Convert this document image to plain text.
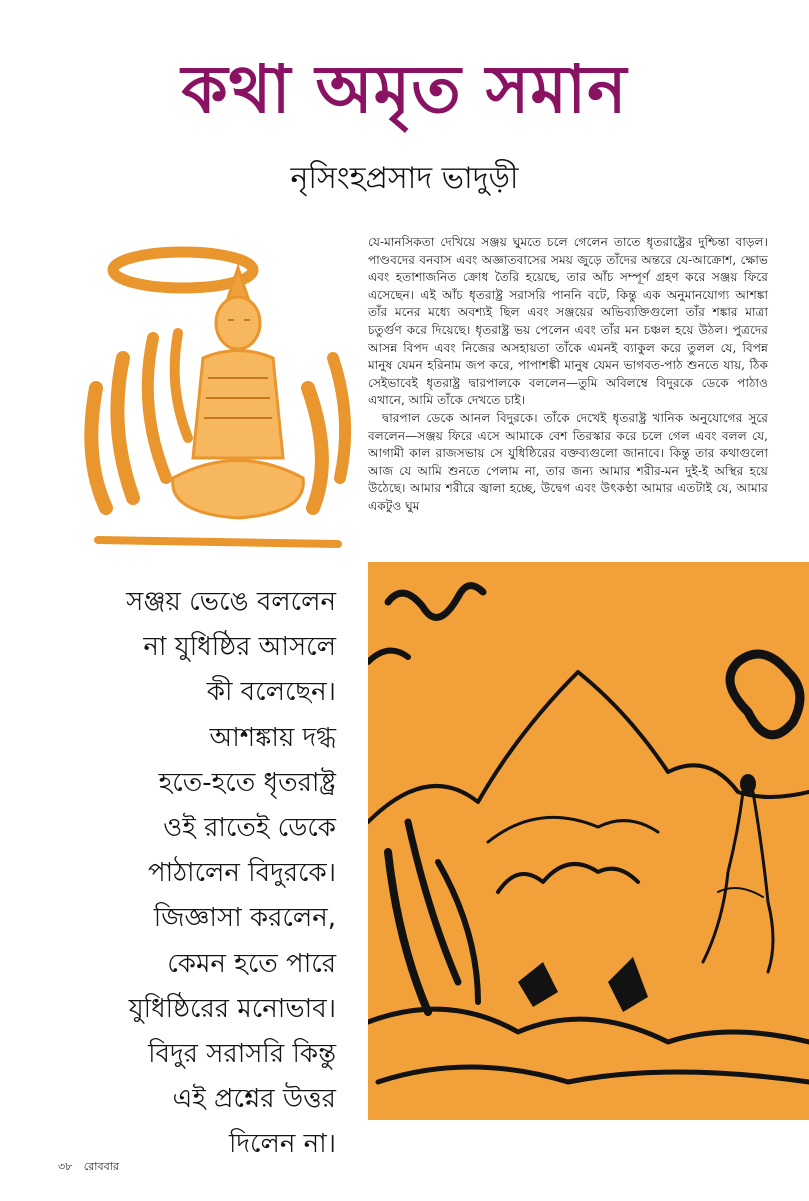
কথা অমৃত সমান
নৃসিংহপ্রসাদ ভাদুড়ী

যে-মানসিকতা দেখিয়ে সঞ্জয় ঘুমতে চলে গেলেন তাতে ধৃতরাষ্ট্রের দুশ্চিন্তা বাড়ল। পাণ্ডবদের বনবাস এবং অজ্ঞাতবাসের সময় জুড়ে তাঁদের অন্তরে যে-আক্রোশ, ক্ষোভ এবং হতাশাজনিত ক্রোধ তৈরি হয়েছে, তার আঁচ সম্পূর্ণ গ্রহণ করে সঞ্জয় ফিরে এসেছেন। এই আঁচ ধৃতরাষ্ট্র সরাসরি পাননি বটে, কিন্তু এক অনুমানযোগ্য আশঙ্কা তাঁর মনের মধ্যে অবশ্যই ছিল এবং সঞ্জয়ের অভিব্যক্তিগুলো তাঁর শঙ্কার মাত্রা চতুর্গুণ করে দিয়েছে। ধৃতরাষ্ট্র ভয় পেলেন এবং তাঁর মন চঞ্চল হয়ে উঠল। পুত্রদের আসন্ন বিপদ এবং নিজের অসহায়তা তাঁকে এমনই ব্যাকুল করে তুলল যে, বিপন্ন মানুষ যেমন হরিনাম জপ করে, পাপাশঙ্কী মানুষ যেমন ভাগবত-পাঠ শুনতে যায়, ঠিক সেইভাবেই ধৃতরাষ্ট্র দ্বারপালকে বললেন—তুমি অবিলম্বে বিদুরকে ডেকে পাঠাও এখানে, আমি তাঁকে দেখতে চাই।

দ্বারপাল ডেকে আনল বিদুরকে। তাঁকে দেখেই ধৃতরাষ্ট্র খানিক অনুযোগের সুরে বললেন—সঞ্জয় ফিরে এসে আমাকে বেশ তিরস্কার করে চলে গেল এবং বলল যে, আগামী কাল রাজসভায় সে যুধিষ্ঠিরের বক্তব্যগুলো জানাবে। কিন্তু তার কথাগুলো আজ যে আমি শুনতে পেলাম না, তার জন্য আমার শরীর-মন দুই-ই অস্থির হয়ে উঠেছে। আমার শরীরে জ্বালা হচ্ছে, উদ্বেগ এবং উৎকণ্ঠা আমার এতটাই যে, আমার একটুও ঘুম

সঞ্জয় ভেঙে বললেন
না যুধিষ্ঠির আসলে
কী বলেছেন।
আশঙ্কায় দগ্ধ
হতে-হতে ধৃতরাষ্ট্র
ওই রাতেই ডেকে
পাঠালেন বিদুরকে।
জিজ্ঞাসা করলেন,
কেমন হতে পারে
যুধিষ্ঠিরের মনোভাব।
বিদুর সরাসরি কিন্তু
এই প্রশ্নের উত্তর
দিলেন না।
৩৮ রোববার
